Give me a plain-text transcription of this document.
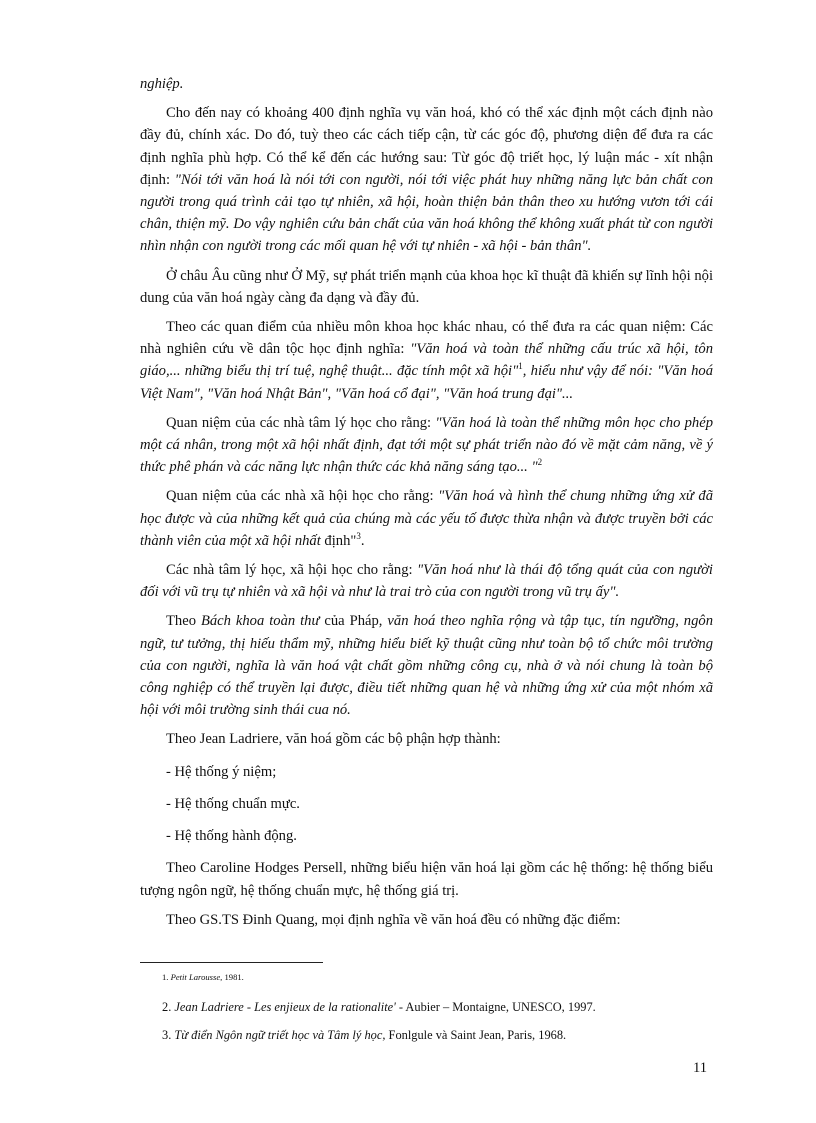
nghiệp.

Cho đến nay có khoảng 400 định nghĩa vụ văn hoá, khó có thể xác định một cách định nào đầy đủ, chính xác. Do đó, tuỳ theo các cách tiếp cận, từ các góc độ, phương diện để đưa ra các định nghĩa phù hợp. Có thể kể đến các hướng sau: Từ góc độ triết học, lý luận mác - xít nhận định: "Nói tới văn hoá là nói tới con người, nói tới việc phát huy những năng lực bản chất con người trong quá trình cải tạo tự nhiên, xã hội, hoàn thiện bản thân theo xu hướng vươn tới cái chân, thiện mỹ. Do vậy nghiên cứu bản chất của văn hoá không thể không xuất phát từ con người nhìn nhận con người trong các mối quan hệ với tự nhiên - xã hội - bản thân".

Ở châu Âu cũng như Ở Mỹ, sự phát triển mạnh của khoa học kĩ thuật đã khiến sự lĩnh hội nội dung của văn hoá ngày càng đa dạng và đầy đủ.

Theo các quan điểm của nhiều môn khoa học khác nhau, có thể đưa ra các quan niệm: Các nhà nghiên cứu về dân tộc học định nghĩa: "Văn hoá và toàn thể những cấu trúc xã hội, tôn giáo,... những biểu thị trí tuệ, nghệ thuật... đặc tính một xã hội"$^1$, hiểu như vậy để nói: "Văn hoá Việt Nam", "Văn hoá Nhật Bản", "Văn hoá cổ đại", "Văn hoá trung đại"...

Quan niệm của các nhà tâm lý học cho rằng: "Văn hoá là toàn thể những môn học cho phép một cá nhân, trong một xã hội nhất định, đạt tới một sự phát triển nào đó về mặt cảm năng, về ý thức phê phán và các năng lực nhận thức các khả năng sáng tạo... "$^2$

Quan niệm của các nhà xã hội học cho rằng: "Văn hoá và hình thể chung những ứng xử đã học được và của những kết quả của chúng mà các yếu tố được thừa nhận và được truyền bởi các thành viên của một xã hội nhất định"$^3$.

Các nhà tâm lý học, xã hội học cho rằng: "Văn hoá như là thái độ tổng quát của con người đối với vũ trụ tự nhiên và xã hội và như là trai trò của con người trong vũ trụ ấy".

Theo Bách khoa toàn thư của Pháp, văn hoá theo nghĩa rộng và tập tục, tín ngưỡng, ngôn ngữ, tư tưởng, thị hiếu thẩm mỹ, những hiểu biết kỹ thuật cũng như toàn bộ tổ chức môi trường của con người, nghĩa là văn hoá vật chất gồm những công cụ, nhà ở và nói chung là toàn bộ công nghiệp có thể truyền lại được, điều tiết những quan hệ và những ứng xử của một nhóm xã hội với môi trường sinh thái cua nó.

Theo Jean Ladriere, văn hoá gồm các bộ phận hợp thành:

- Hệ thống ý niệm;

- Hệ thống chuẩn mực.

- Hệ thống hành động.

Theo Caroline Hodges Persell, những biểu hiện văn hoá lại gồm các hệ thống: hệ thống biểu tượng ngôn ngữ, hệ thống chuẩn mực, hệ thống giá trị.

Theo GS.TS Đinh Quang, mọi định nghĩa về văn hoá đều có những đặc điểm:

1. Petit Larousse, 1981.

2. Jean Ladriere - Les enjieux de la rationalite' - Aubier – Montaigne, UNESCO, 1997.

3. Từ điển Ngôn ngữ triết học và Tâm lý học, Fonlgule và Saint Jean, Paris, 1968.

11
